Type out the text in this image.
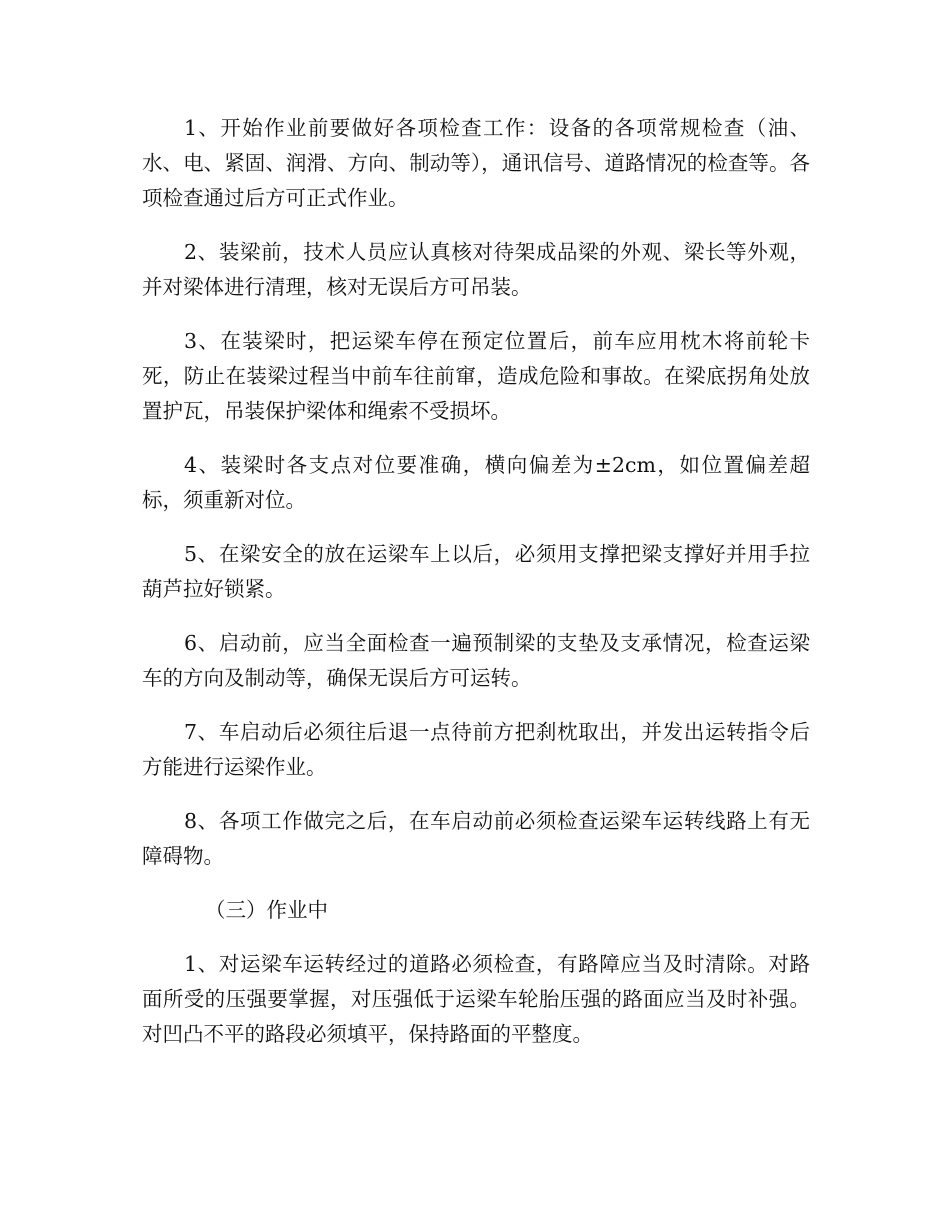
1、开始作业前要做好各项检查工作：设备的各项常规检查（油、水、电、紧固、润滑、方向、制动等），通讯信号、道路情况的检查等。各项检查通过后方可正式作业。

2、装梁前，技术人员应认真核对待架成品梁的外观、梁长等外观，并对梁体进行清理，核对无误后方可吊装。

3、在装梁时，把运梁车停在预定位置后，前车应用枕木将前轮卡死，防止在装梁过程当中前车往前窜，造成危险和事故。在梁底拐角处放置护瓦，吊装保护梁体和绳索不受损坏。

4、装梁时各支点对位要准确，横向偏差为±2cm，如位置偏差超标，须重新对位。

5、在梁安全的放在运梁车上以后，必须用支撑把梁支撑好并用手拉葫芦拉好锁紧。

6、启动前，应当全面检查一遍预制梁的支垫及支承情况，检查运梁车的方向及制动等，确保无误后方可运转。

7、车启动后必须往后退一点待前方把刹枕取出，并发出运转指令后方能进行运梁作业。

8、各项工作做完之后，在车启动前必须检查运梁车运转线路上有无障碍物。

（三）作业中

1、对运梁车运转经过的道路必须检查，有路障应当及时清除。对路面所受的压强要掌握，对压强低于运梁车轮胎压强的路面应当及时补强。对凹凸不平的路段必须填平，保持路面的平整度。
